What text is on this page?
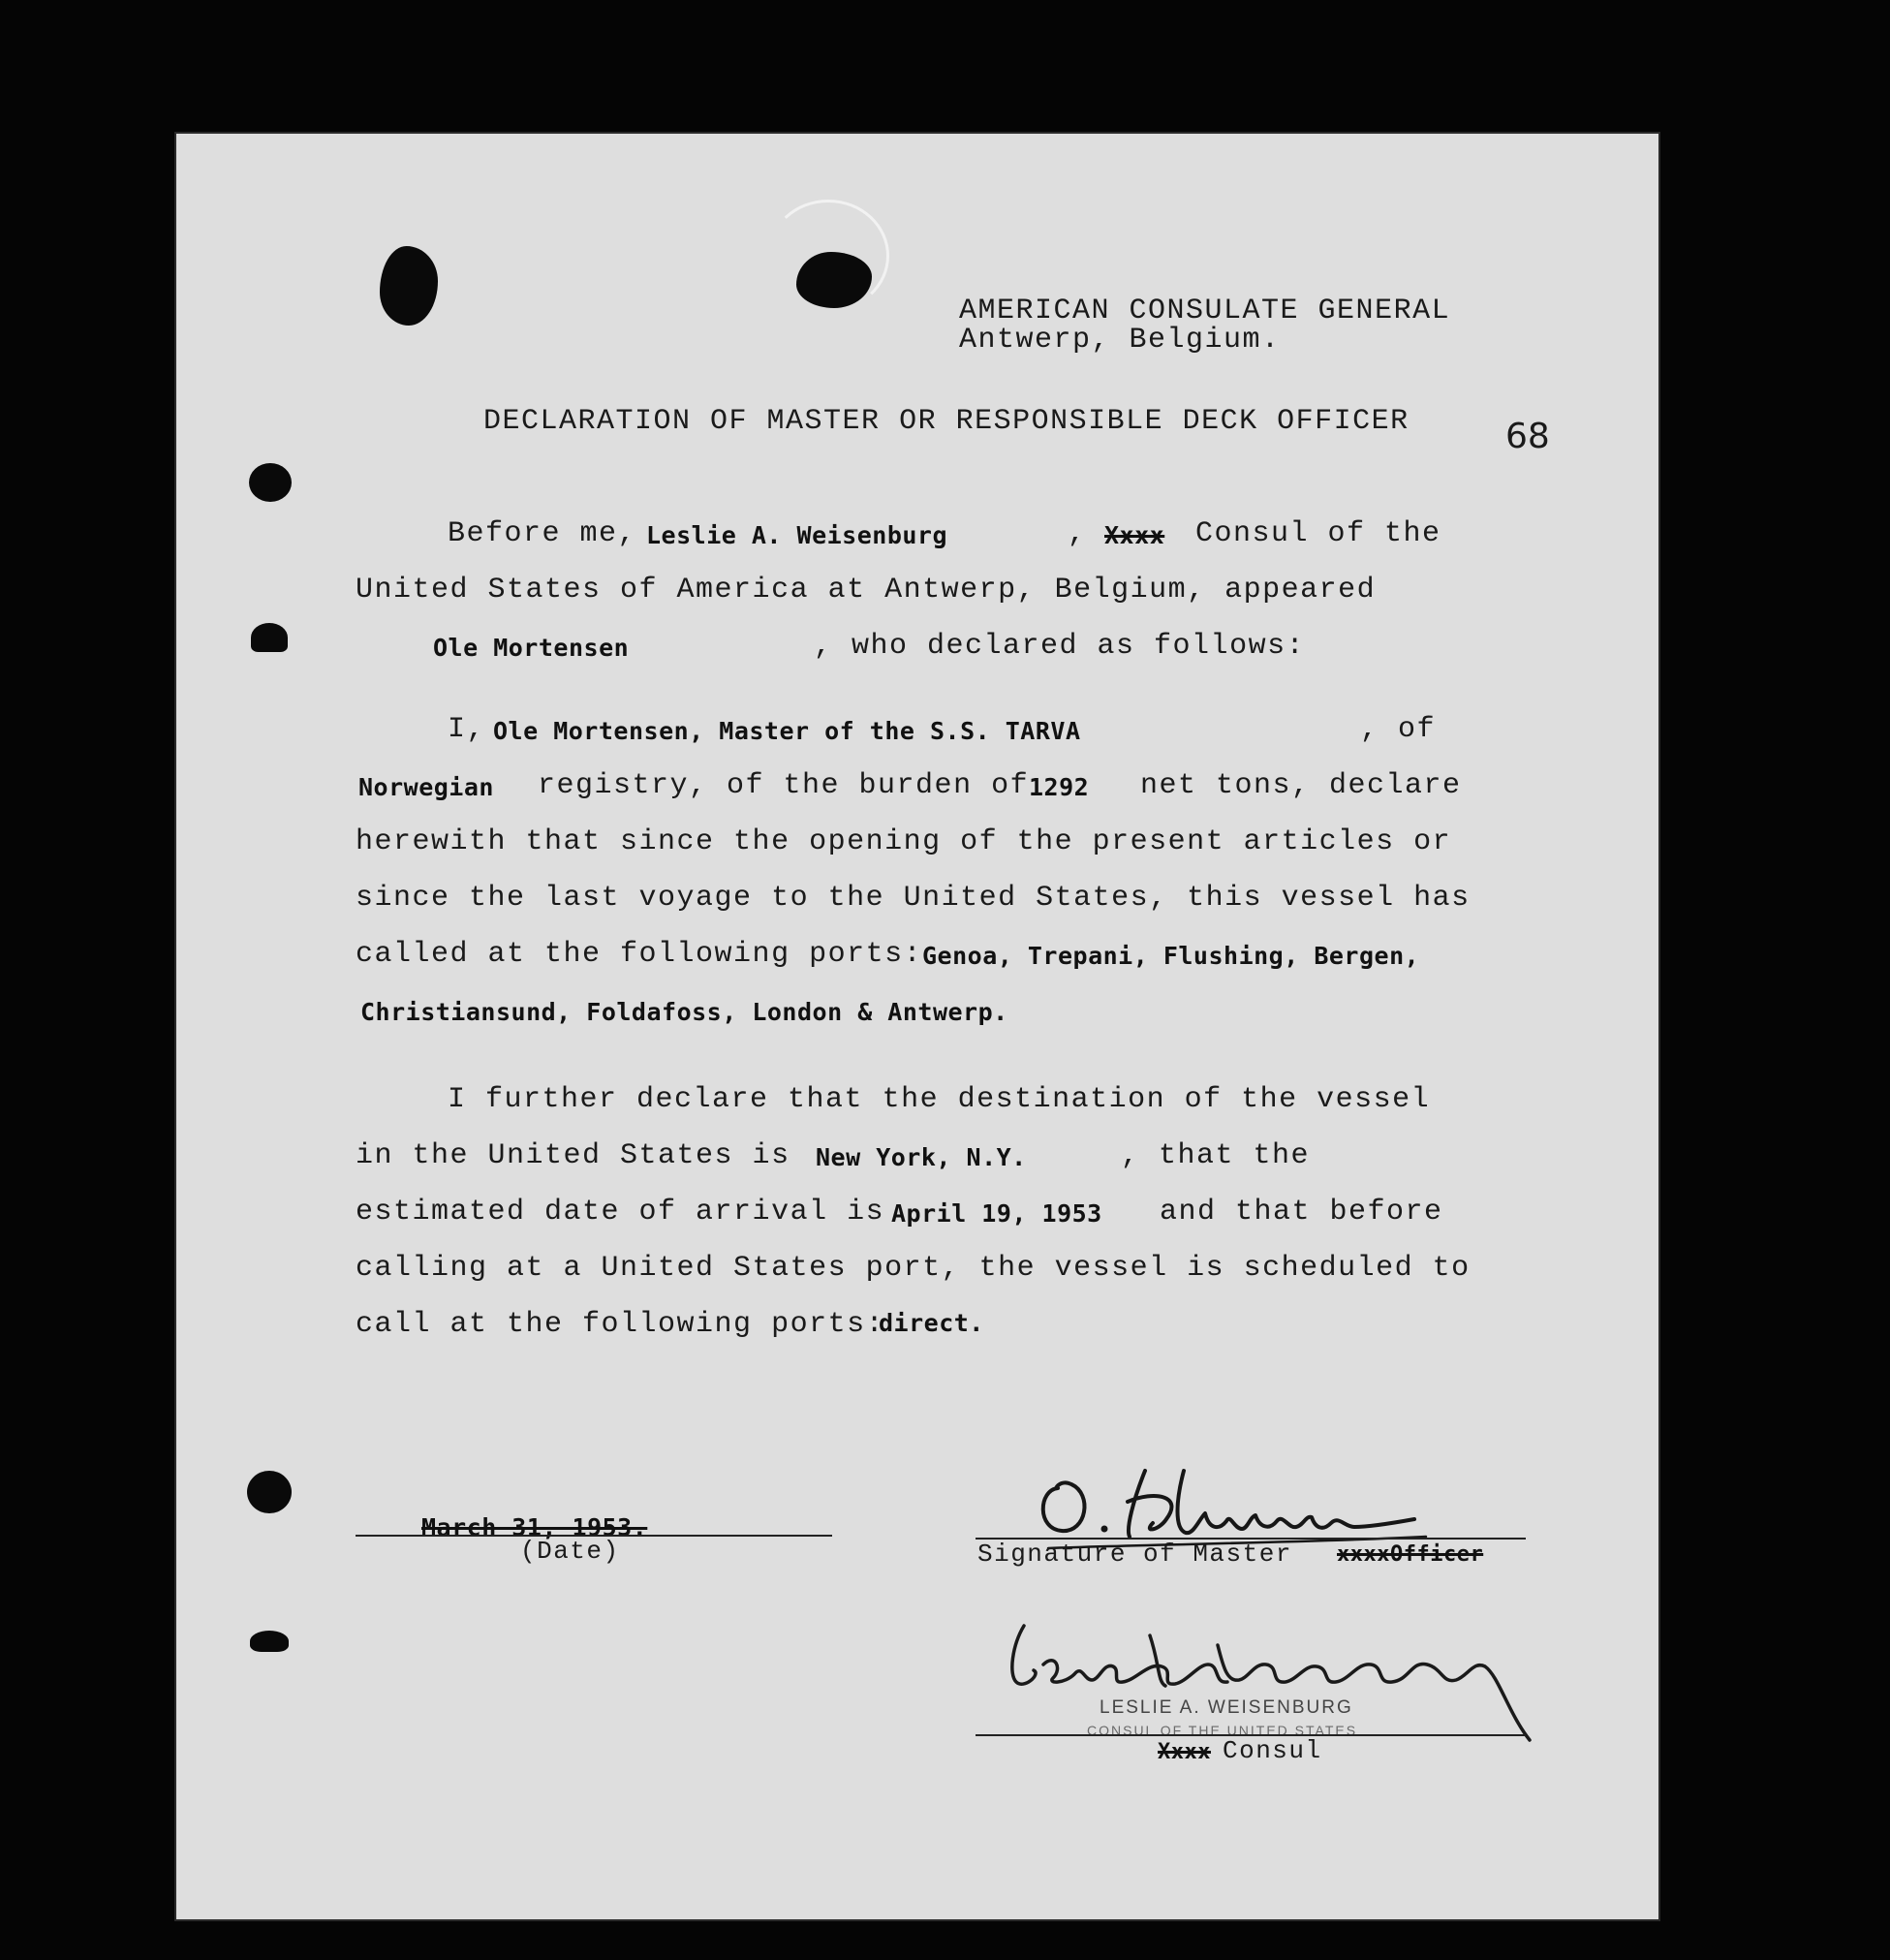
AMERICAN CONSULATE GENERAL
Antwerp, Belgium.
DECLARATION OF MASTER OR RESPONSIBLE DECK OFFICER	68
Before me, Leslie A. Weisenburg	, Xxxx Consul of the
United States of America at Antwerp, Belgium, appeared
Ole Mortensen	, who declared as follows:
I, Ole Mortensen, Master of the S.S. TARVA	, of
Norwegian registry, of the burden of 1292 net tons, declare
herewith that since the opening of the present articles or
since the last voyage to the United States, this vessel has
called at the following ports: Genoa, Trepani, Flushing, Bergen,
Christiansund, Foldafoss, London & Antwerp.
I further declare that the destination of the vessel
in the United States is New York, N.Y.	, that the
estimated date of arrival is April 19, 1953 and that before
calling at a United States port, the vessel is scheduled to
call at the following ports:
direct.
March 31, 1953.
(Date)	Signature of Master xxxxOfficer
LESLIE A. WEISENBURG
CONSUL OF THE UNITED STATES
Xxxx Consul
